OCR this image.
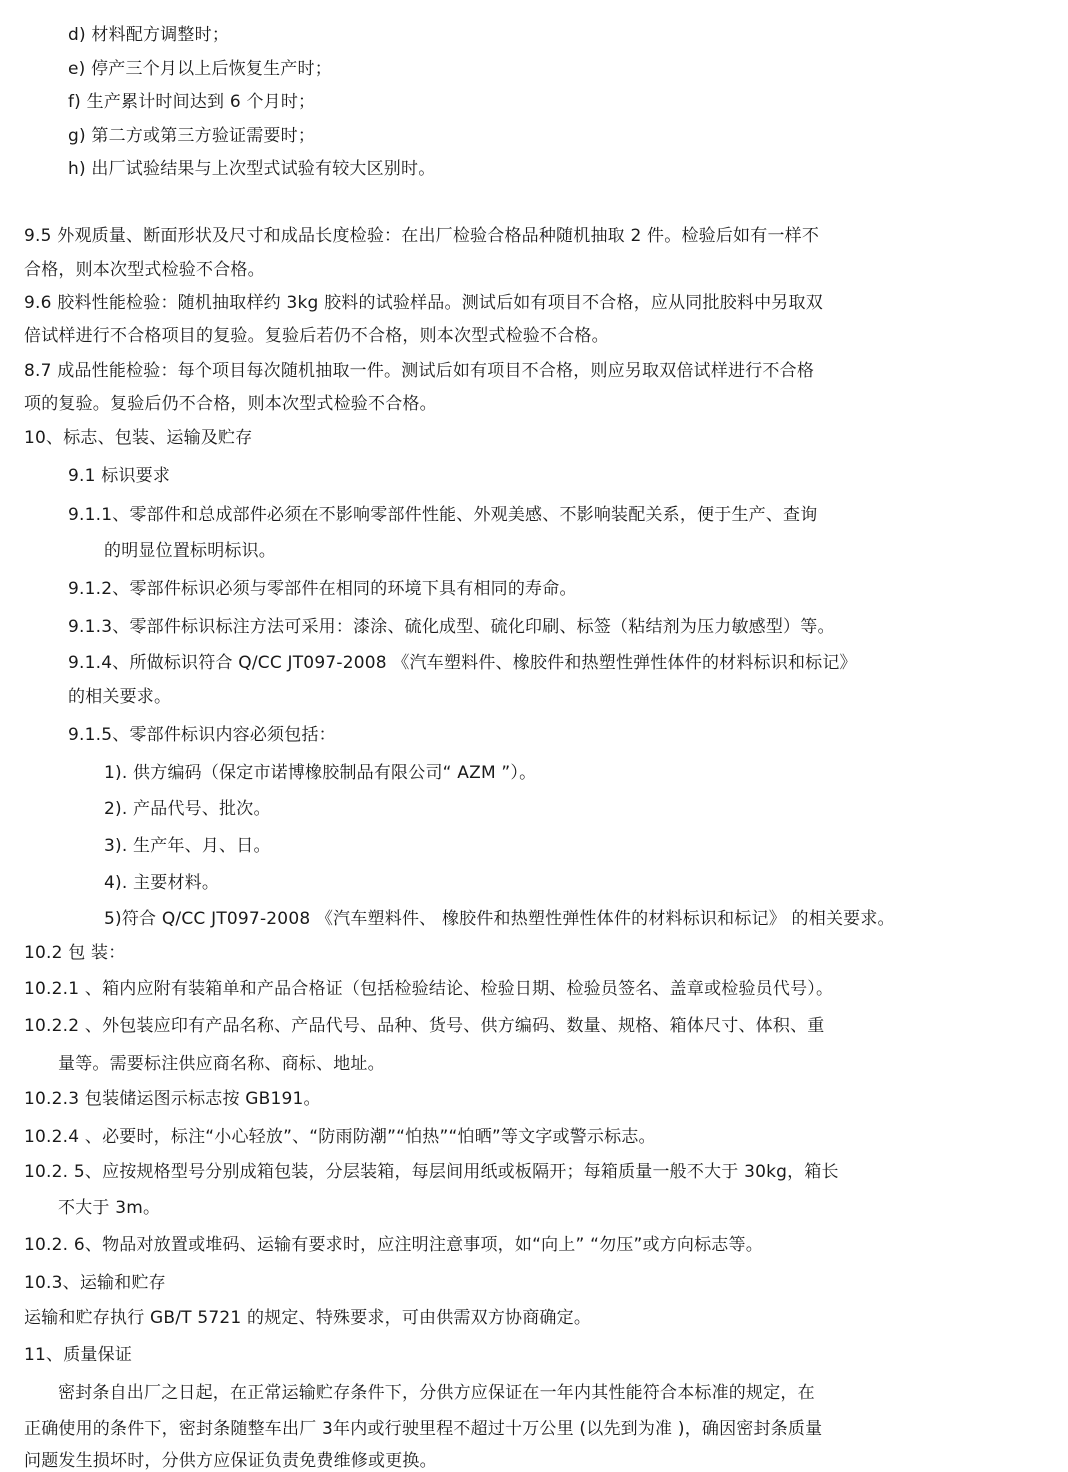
d) 材料配方调整时；
e) 停产三个月以上后恢复生产时；
f) 生产累计时间达到 6 个月时；
g) 第二方或第三方验证需要时；
h) 出厂试验结果与上次型式试验有较大区别时。
9.5 外观质量、断面形状及尺寸和成品长度检验：在出厂检验合格品种随机抽取 2 件。检验后如有一样不
合格，则本次型式检验不合格。
9.6 胶料性能检验：随机抽取样约 3kg 胶料的试验样品。测试后如有项目不合格，应从同批胶料中另取双
倍试样进行不合格项目的复验。复验后若仍不合格，则本次型式检验不合格。
8.7 成品性能检验：每个项目每次随机抽取一件。测试后如有项目不合格，则应另取双倍试样进行不合格
项的复验。复验后仍不合格，则本次型式检验不合格。
10、标志、包装、运输及贮存
9.1 标识要求
9.1.1、零部件和总成部件必须在不影响零部件性能、外观美感、不影响装配关系，便于生产、查询
的明显位置标明标识。
9.1.2、零部件标识必须与零部件在相同的环境下具有相同的寿命。
9.1.3、零部件标识标注方法可采用：漆涂、硫化成型、硫化印刷、标签（粘结剂为压力敏感型）等。
9.1.4、所做标识符合 Q/CC JT097-2008 《汽车塑料件、橡胶件和热塑性弹性体件的材料标识和标记》
的相关要求。
9.1.5、零部件标识内容必须包括：
1). 供方编码（保定市诺博橡胶制品有限公司“ AZM ”）。
2). 产品代号、批次。
3). 生产年、月、日。
4). 主要材料。
5)符合 Q/CC JT097-2008 《汽车塑料件、 橡胶件和热塑性弹性体件的材料标识和标记》 的相关要求。
10.2 包 装：
10.2.1 、箱内应附有装箱单和产品合格证（包括检验结论、检验日期、检验员签名、盖章或检验员代号）。
10.2.2 、外包装应印有产品名称、产品代号、品种、货号、供方编码、数量、规格、箱体尺寸、体积、重
量等。需要标注供应商名称、商标、地址。
10.2.3 包装储运图示标志按 GB191。
10.2.4 、必要时，标注“小心轻放”、“防雨防潮”“怕热”“怕晒”等文字或警示标志。
10.2. 5、应按规格型号分别成箱包装，分层装箱，每层间用纸或板隔开；每箱质量一般不大于 30kg，箱长
不大于 3m。
10.2. 6、物品对放置或堆码、运输有要求时，应注明注意事项，如“向上” “勿压”或方向标志等。
10.3、运输和贮存
运输和贮存执行 GB/T 5721 的规定、特殊要求，可由供需双方协商确定。
11、质量保证
密封条自出厂之日起，在正常运输贮存条件下，分供方应保证在一年内其性能符合本标准的规定，在
正确使用的条件下，密封条随整车出厂 3年内或行驶里程不超过十万公里 (以先到为准 )，确因密封条质量
问题发生损坏时，分供方应保证负责免费维修或更换。
